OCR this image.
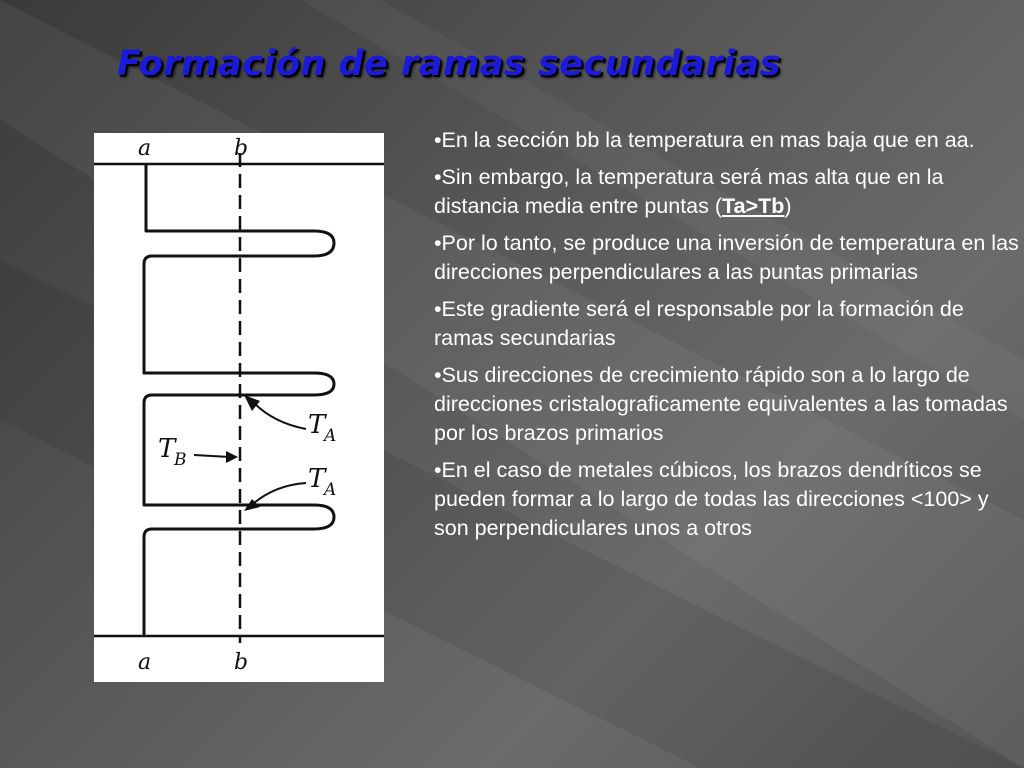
Formación de ramas secundarias
a	b
a	b
T
A
T
B
T
A
•En la sección bb la temperatura en mas baja que en aa.
•Sin embargo, la temperatura será mas alta que en la distancia media entre puntas (Ta>Tb)
•Por lo tanto, se produce una inversión de temperatura en las direcciones perpendiculares a las puntas primarias
•Este gradiente será el responsable por la formación de ramas secundarias
•Sus direcciones de crecimiento rápido son a lo largo de direcciones cristalograficamente equivalentes a las tomadas por los brazos primarios
•En el caso de metales cúbicos, los brazos dendríticos se pueden formar a lo largo de todas las direcciones <100> y son perpendiculares unos a otros
